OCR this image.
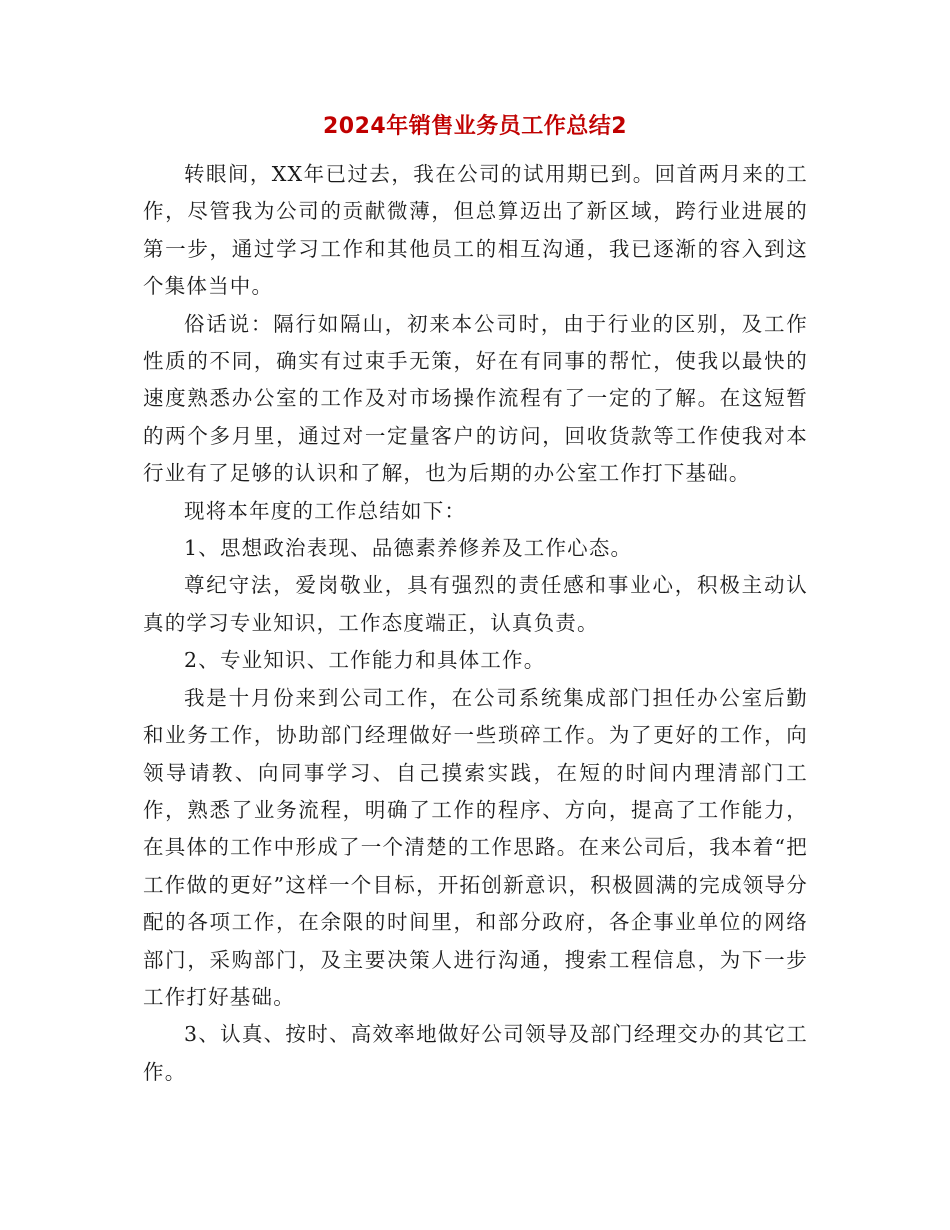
2024年销售业务员工作总结2

转眼间，XX年已过去，我在公司的试用期已到。回首两月来的工作，尽管我为公司的贡献微薄，但总算迈出了新区域，跨行业进展的第一步，通过学习工作和其他员工的相互沟通，我已逐渐的容入到这个集体当中。

俗话说：隔行如隔山，初来本公司时，由于行业的区别，及工作性质的不同，确实有过束手无策，好在有同事的帮忙，使我以最快的速度熟悉办公室的工作及对市场操作流程有了一定的了解。在这短暂的两个多月里，通过对一定量客户的访问，回收货款等工作使我对本行业有了足够的认识和了解，也为后期的办公室工作打下基础。

现将本年度的工作总结如下：

1、思想政治表现、品德素养修养及工作心态。

尊纪守法，爱岗敬业，具有强烈的责任感和事业心，积极主动认真的学习专业知识，工作态度端正，认真负责。

2、专业知识、工作能力和具体工作。

我是十月份来到公司工作，在公司系统集成部门担任办公室后勤和业务工作，协助部门经理做好一些琐碎工作。为了更好的工作，向领导请教、向同事学习、自己摸索实践，在短的时间内理清部门工作，熟悉了业务流程，明确了工作的程序、方向，提高了工作能力，在具体的工作中形成了一个清楚的工作思路。在来公司后，我本着“把工作做的更好”这样一个目标，开拓创新意识，积极圆满的完成领导分配的各项工作，在余限的时间里，和部分政府，各企事业单位的网络部门，采购部门，及主要决策人进行沟通，搜索工程信息，为下一步工作打好基础。

3、认真、按时、高效率地做好公司领导及部门经理交办的其它工作。
